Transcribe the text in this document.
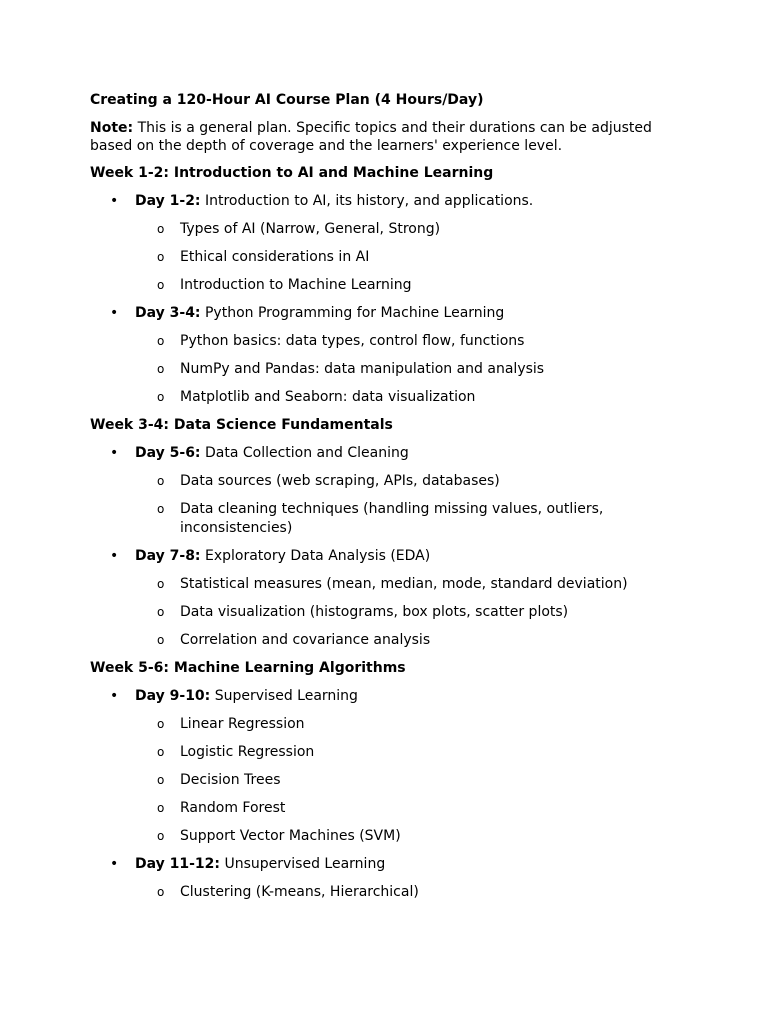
Creating a 120-Hour AI Course Plan (4 Hours/Day)
Note: This is a general plan. Specific topics and their durations can be adjusted based on the depth of coverage and the learners' experience level.
Week 1-2: Introduction to AI and Machine Learning
• Day 1-2: Introduction to AI, its history, and applications.
o Types of AI (Narrow, General, Strong)
o Ethical considerations in AI
o Introduction to Machine Learning
• Day 3-4: Python Programming for Machine Learning
o Python basics: data types, control flow, functions
o NumPy and Pandas: data manipulation and analysis
o Matplotlib and Seaborn: data visualization
Week 3-4: Data Science Fundamentals
• Day 5-6: Data Collection and Cleaning
o Data sources (web scraping, APIs, databases)
o Data cleaning techniques (handling missing values, outliers, inconsistencies)
• Day 7-8: Exploratory Data Analysis (EDA)
o Statistical measures (mean, median, mode, standard deviation)
o Data visualization (histograms, box plots, scatter plots)
o Correlation and covariance analysis
Week 5-6: Machine Learning Algorithms
• Day 9-10: Supervised Learning
o Linear Regression
o Logistic Regression
o Decision Trees
o Random Forest
o Support Vector Machines (SVM)
• Day 11-12: Unsupervised Learning
o Clustering (K-means, Hierarchical)
